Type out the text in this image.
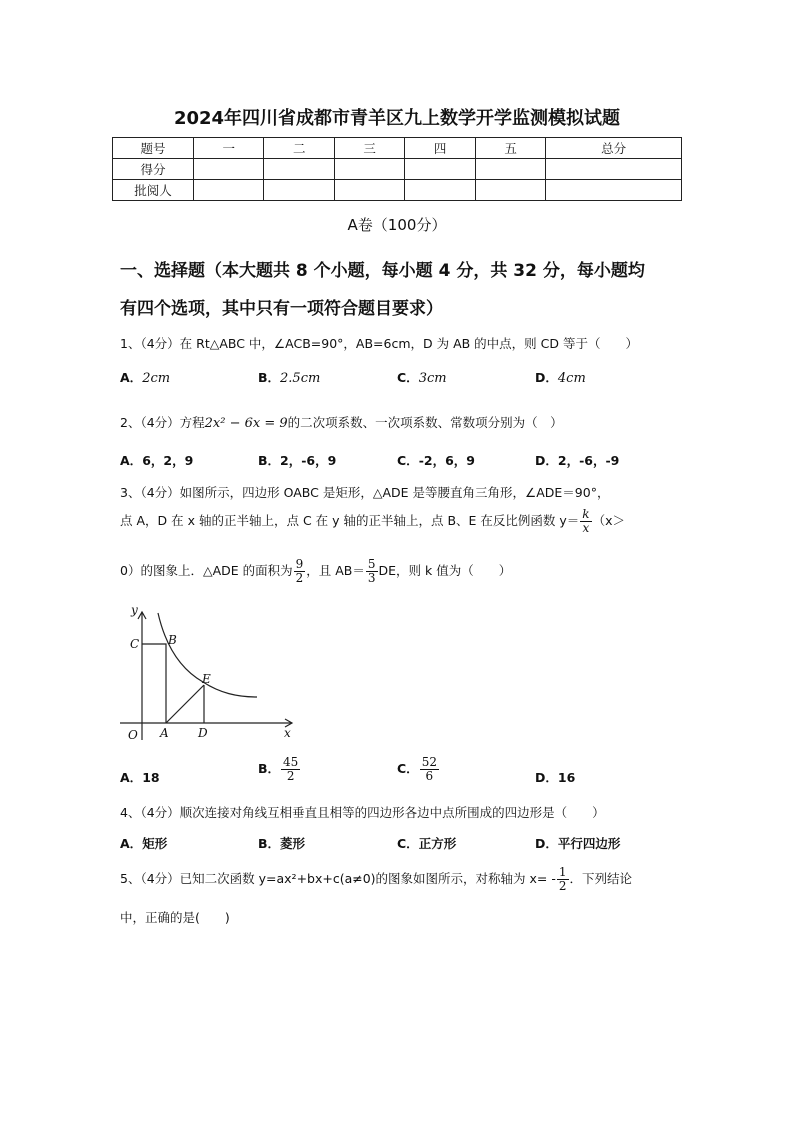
2024年四川省成都市青羊区九上数学开学监测模拟试题
题号	一	二	三	四	五	总分
得分						
批阅人						
A卷（100分）
一、选择题（本大题共 8 个小题，每小题 4 分，共 32 分，每小题均
有四个选项，其中只有一项符合题目要求）
1、（4分）在 Rt△ABC 中，∠ACB=90°，AB=6cm，D 为 AB 的中点，则 CD 等于（　　）
A．2cm	B．2.5cm	C．3cm	D．4cm
2、（4分）方程2x² − 6x = 9的二次项系数、一次项系数、常数项分别为（　）
A．6，2，9	B．2，-6，9	C．-2，6，9	D．2，-6，-9
3、（4分）如图所示，四边形 OABC 是矩形，△ADE 是等腰直角三角形，∠ADE＝90°，
点 A，D 在 x 轴的正半轴上，点 C 在 y 轴的正半轴上，点 B、E 在反比例函数 $y= \frac{k}{x} (x>$
0）的图象上．△ADE 的面积为 $\frac{9}{2}$ ，且 $AB= \frac{5}{3}$ DE，则 k 值为（　　）
y
C B
E
O A D	x
A．18
B． $\frac{45}{2}$	C． $\frac{52}{6}$	D．16
4、（4分）顺次连接对角线互相垂直且相等的四边形各边中点所围成的四边形是（　　）
A．矩形	B．菱形	C．正方形	D．平行四边形
5、（4分）已知二次函数 y=ax²+bx+c(a≠0)的图象如图所示，对称轴为 $x= - \frac{1}{2}$ ．下列结论
中，正确的是(　　)
